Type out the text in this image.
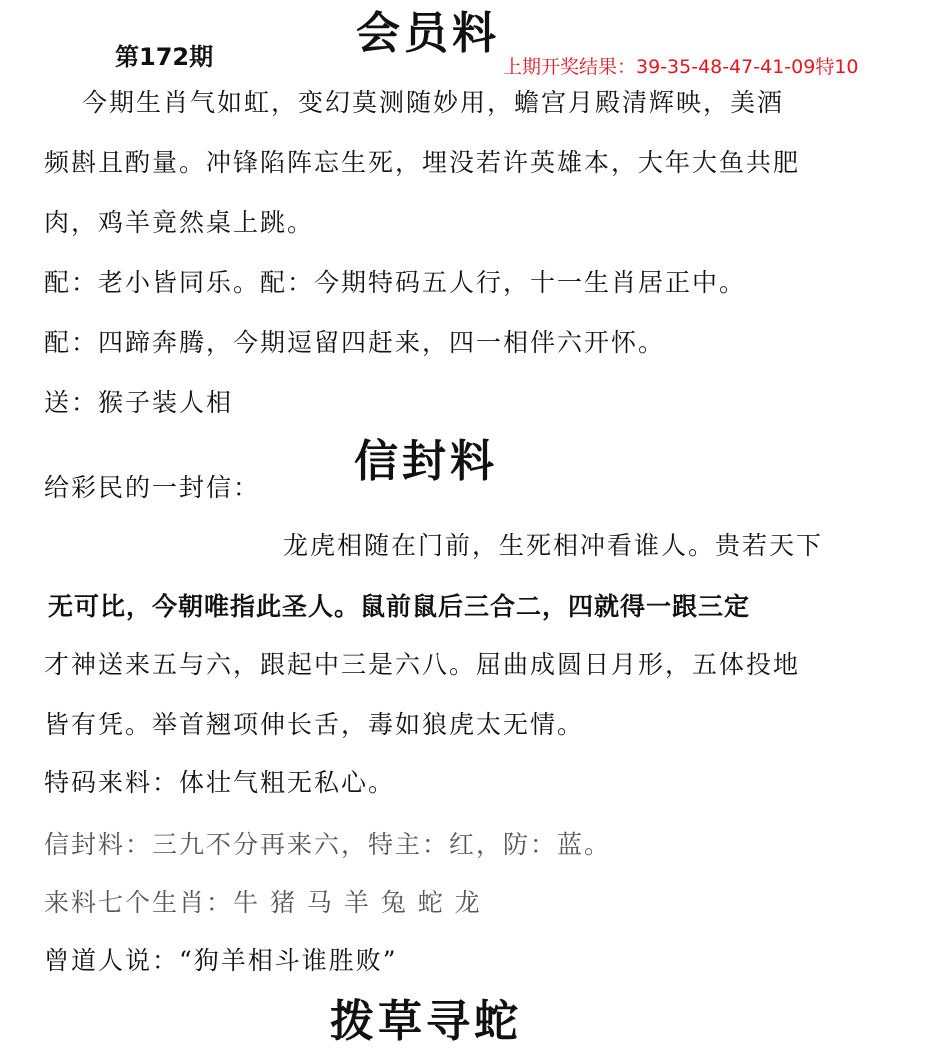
会员料
第172期	上期开奖结果：39-35-48-47-41-09特10
今期生肖气如虹，变幻莫测随妙用，蟾宫月殿清辉映，美酒
频斟且酌量。冲锋陷阵忘生死，埋没若许英雄本，大年大鱼共肥
肉，鸡羊竟然桌上跳。
配：老小皆同乐。配：今期特码五人行，十一生肖居正中。
配：四蹄奔腾，今期逗留四赶来，四一相伴六开怀。
送：猴子装人相
信封料
给彩民的一封信：
龙虎相随在门前，生死相冲看谁人。贵若天下
无可比，今朝唯指此圣人。鼠前鼠后三合二，四就得一跟三定
才神送来五与六，跟起中三是六八。屈曲成圆日月形，五体投地
皆有凭。举首翘项伸长舌，毒如狼虎太无情。
特码来料：体壮气粗无私心。
信封料：三九不分再来六，特主：红，防：蓝。
来料七个生肖：牛 猪 马 羊 兔 蛇 龙
曾道人说：“狗羊相斗谁胜败”
拨草寻蛇
